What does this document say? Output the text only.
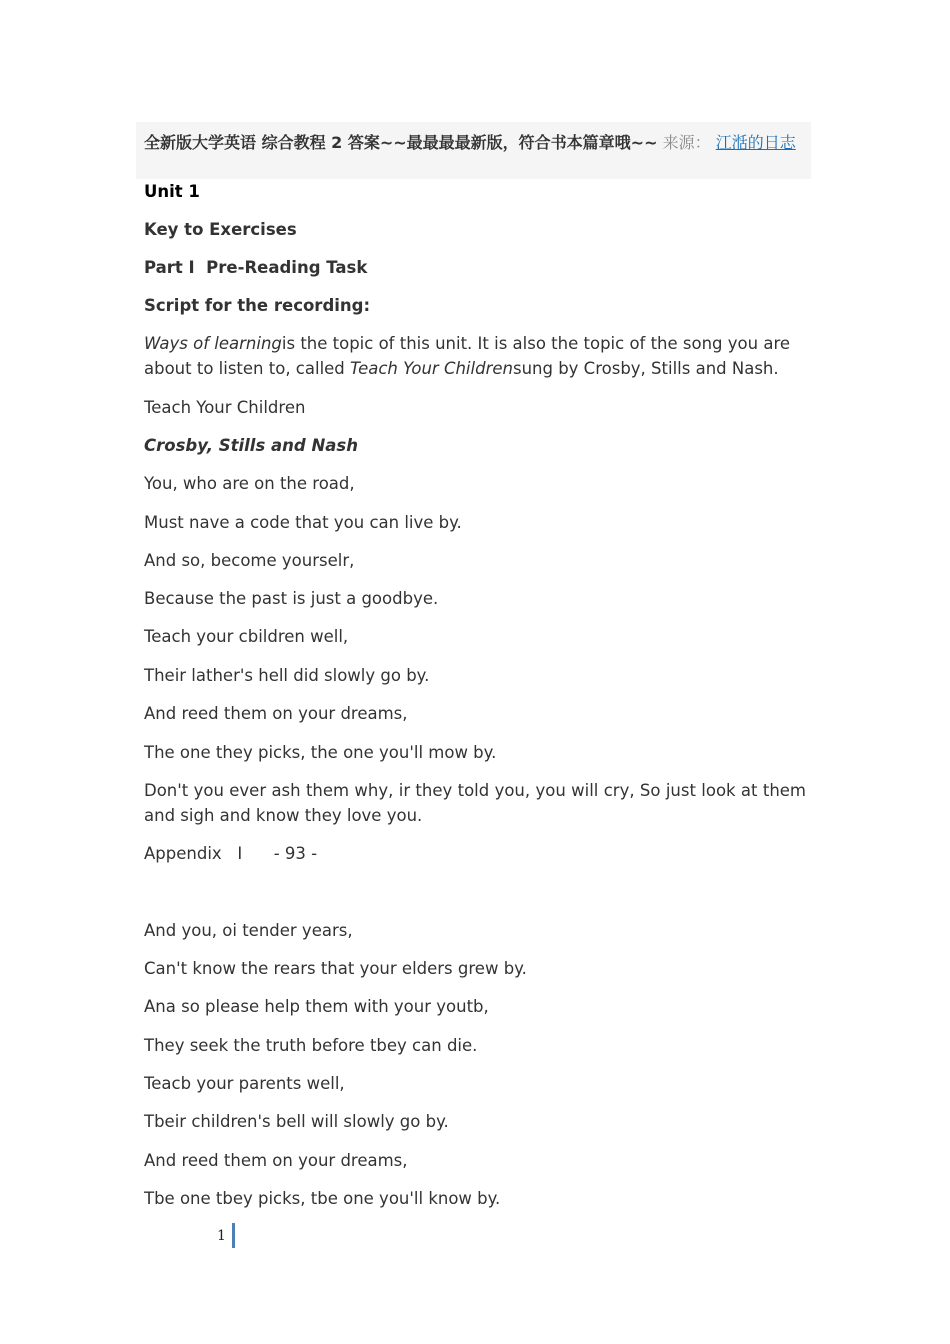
全新版大学英语 综合教程 2 答案~~最最最最新版，符合书本篇章哦~~ 来源： 江湉的日志
Unit 1
Key to Exercises
Part I  Pre-Reading Task
Script for the recording:
Ways of learningis the topic of this unit. It is also the topic of the song you are about to listen to, called Teach Your Childrensung by Crosby, Stills and Nash.
Teach Your Children
Crosby, Stills and Nash
You, who are on the road,
Must nave a code that you can live by.
And so, become yourselr,
Because the past is just a goodbye.
Teach your cbildren well,
Their lather's hell did slowly go by.
And reed them on your dreams,
The one they picks, the one you'll mow by.
Don't you ever ash them why, ir they told you, you will cry, So just look at them and sigh and know they love you.
Appendix   I      - 93 -
And you, oi tender years,
Can't know the rears that your elders grew by.
Ana so please help them with your youtb,
They seek the truth before tbey can die.
Teacb your parents well,
Tbeir children's bell will slowly go by.
And reed them on your dreams,
Tbe one tbey picks, tbe one you'll know by.
1
